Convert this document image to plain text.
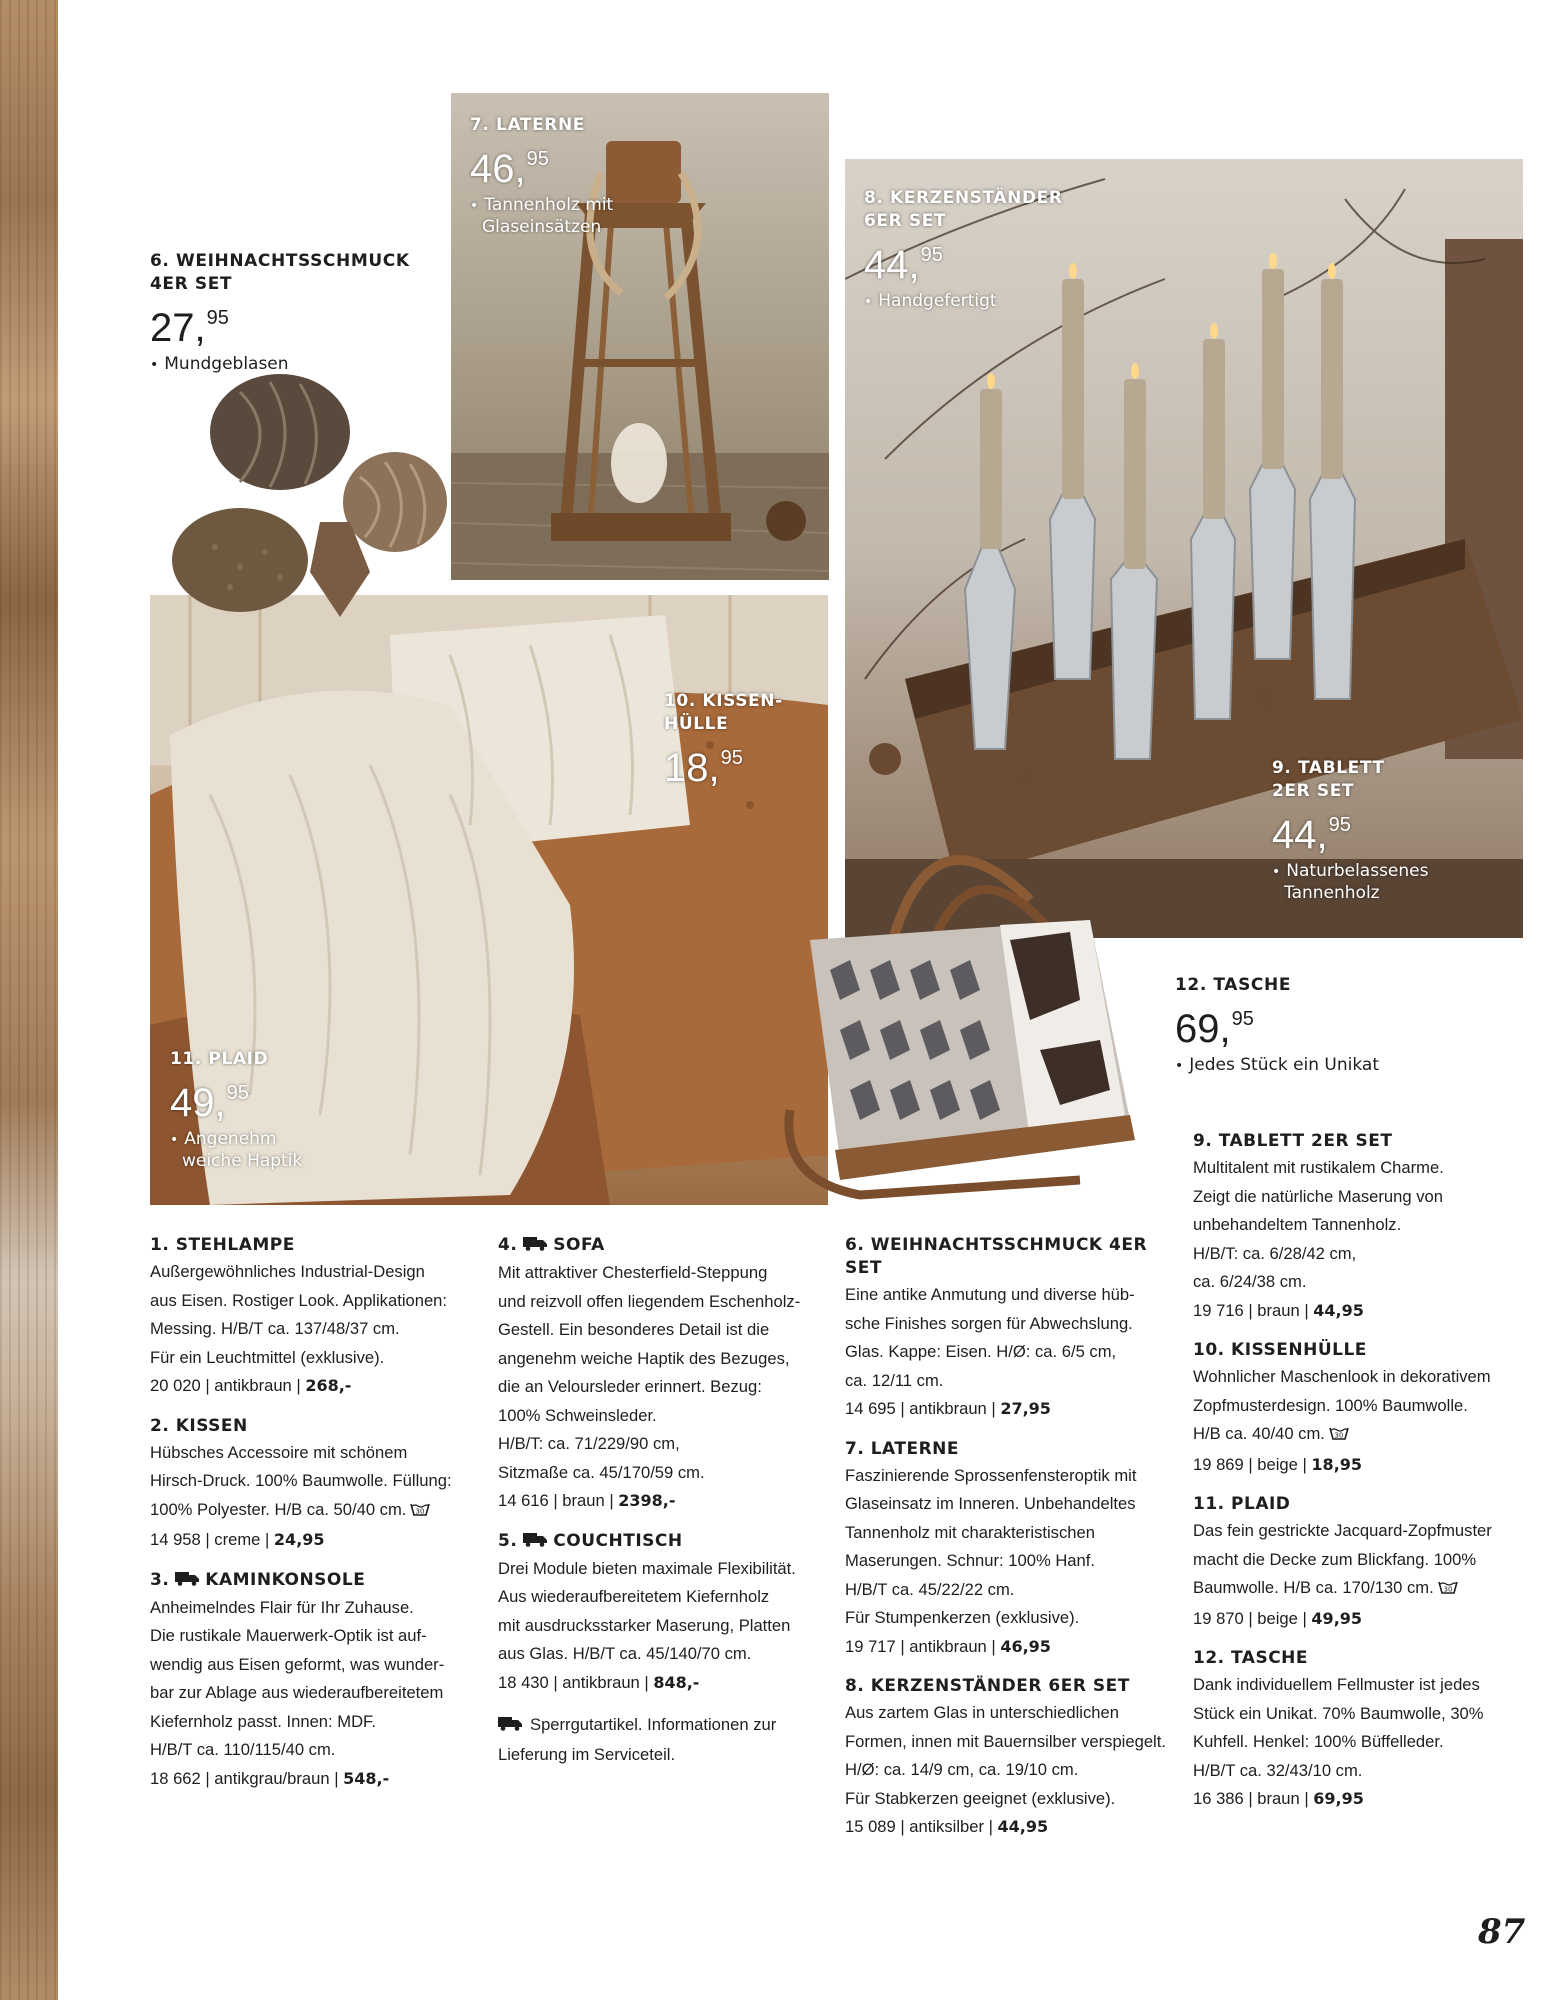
6. WEIHNACHTSSCHMUCK
4ER SET
27,95
• Mundgeblasen
7. LATERNE
46,95
• Tannenholz mit
Glaseinsätzen
8. KERZENSTÄNDER
6ER SET
44,95
• Handgefertigt
9. TABLETT
2ER SET
44,95
• Naturbelassenes
Tannenholz
10. KISSEN-
HÜLLE
18,95
11. PLAID
49,95
• Angenehm
weiche Haptik
12. TASCHE
69,95
• Jedes Stück ein Unikat
1. STEHLAMPE
Außergewöhnliches Industrial-Design
aus Eisen. Rostiger Look. Applikationen:
Messing. H/B/T ca. 137/48/37 cm.
Für ein Leuchtmittel (exklusive).
20 020 | antikbraun | 268,-
2. KISSEN
Hübsches Accessoire mit schönem
Hirsch-Druck. 100% Baumwolle. Füllung:
100% Polyester. H/B ca. 50/40 cm. 30
14 958 | creme | 24,95
3. KAMINKONSOLE
Anheimelndes Flair für Ihr Zuhause.
Die rustikale Mauerwerk-Optik ist auf-
wendig aus Eisen geformt, was wunder-
bar zur Ablage aus wiederaufbereitetem
Kiefernholz passt. Innen: MDF.
H/B/T ca. 110/115/40 cm.
18 662 | antikgrau/braun | 548,-
4. SOFA
Mit attraktiver Chesterfield-Steppung
und reizvoll offen liegendem Eschenholz-
Gestell. Ein besonderes Detail ist die
angenehm weiche Haptik des Bezuges,
die an Veloursleder erinnert. Bezug:
100% Schweinsleder.
H/B/T: ca. 71/229/90 cm,
Sitzmaße ca. 45/170/59 cm.
14 616 | braun | 2398,-
5. COUCHTISCH
Drei Module bieten maximale Flexibilität.
Aus wiederaufbereitetem Kiefernholz
mit ausdrucksstarker Maserung, Platten
aus Glas. H/B/T ca. 45/140/70 cm.
18 430 | antikbraun | 848,-
Sperrgutartikel. Informationen zur
Lieferung im Serviceteil.
6. WEIHNACHTSSCHMUCK 4ER SET
Eine antike Anmutung und diverse hüb-
sche Finishes sorgen für Abwechslung.
Glas. Kappe: Eisen. H/Ø: ca. 6/5 cm,
ca. 12/11 cm.
14 695 | antikbraun | 27,95
7. LATERNE
Faszinierende Sprossenfensteroptik mit
Glaseinsatz im Inneren. Unbehandeltes
Tannenholz mit charakteristischen
Maserungen. Schnur: 100% Hanf.
H/B/T ca. 45/22/22 cm.
Für Stumpenkerzen (exklusive).
19 717 | antikbraun | 46,95
8. KERZENSTÄNDER 6ER SET
Aus zartem Glas in unterschiedlichen
Formen, innen mit Bauernsilber verspiegelt.
H/Ø: ca. 14/9 cm, ca. 19/10 cm.
Für Stabkerzen geeignet (exklusive).
15 089 | antiksilber | 44,95
9. TABLETT 2ER SET
Multitalent mit rustikalem Charme.
Zeigt die natürliche Maserung von
unbehandeltem Tannenholz.
H/B/T: ca. 6/28/42 cm,
ca. 6/24/38 cm.
19 716 | braun | 44,95
10. KISSENHÜLLE
Wohnlicher Maschenlook in dekorativem
Zopfmusterdesign. 100% Baumwolle.
H/B ca. 40/40 cm. 30
19 869 | beige | 18,95
11. PLAID
Das fein gestrickte Jacquard-Zopfmuster
macht die Decke zum Blickfang. 100%
Baumwolle. H/B ca. 170/130 cm. 30
19 870 | beige | 49,95
12. TASCHE
Dank individuellem Fellmuster ist jedes
Stück ein Unikat. 70% Baumwolle, 30%
Kuhfell. Henkel: 100% Büffelleder.
H/B/T ca. 32/43/10 cm.
16 386 | braun | 69,95
87
